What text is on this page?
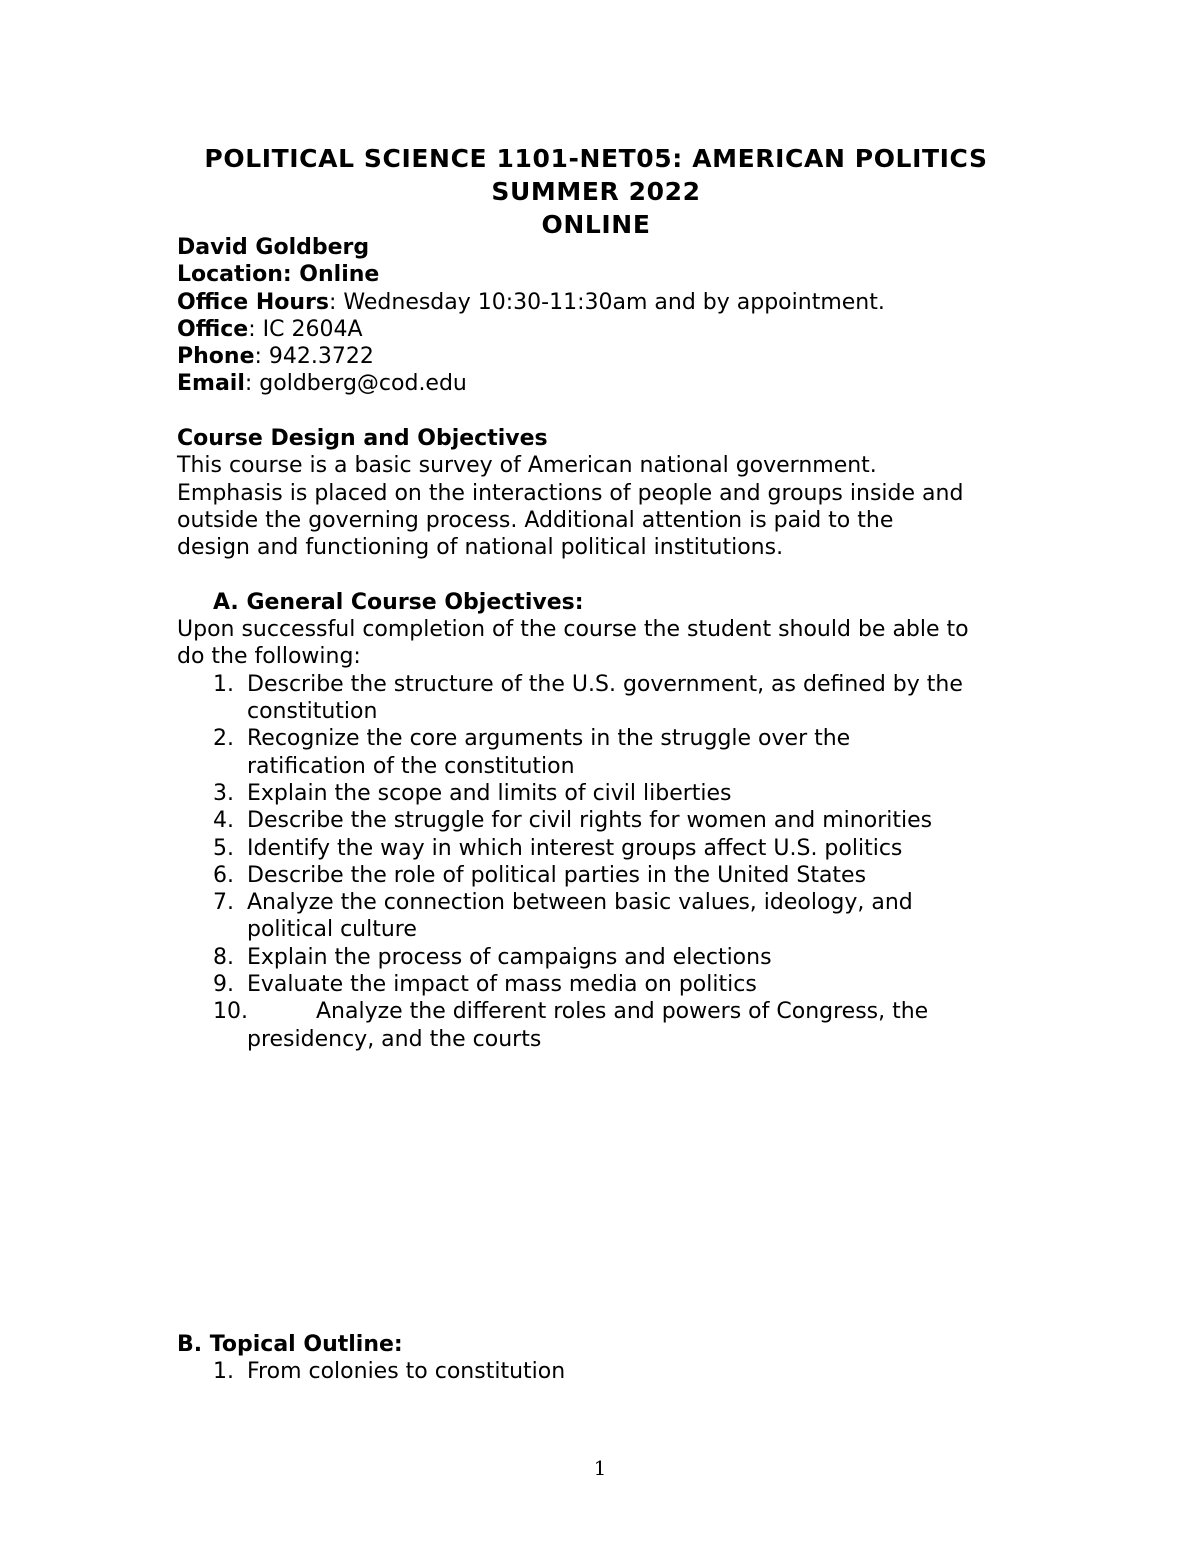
POLITICAL SCIENCE 1101-NET05: AMERICAN POLITICS
SUMMER 2022
ONLINE
David Goldberg
Location: Online
Office Hours: Wednesday 10:30-11:30am and by appointment.
Office: IC 2604A
Phone: 942.3722
Email: goldberg@cod.edu
Course Design and Objectives
This course is a basic survey of American national government.
Emphasis is placed on the interactions of people and groups inside and
outside the governing process. Additional attention is paid to the
design and functioning of national political institutions.
A. General Course Objectives:
Upon successful completion of the course the student should be able to
do the following:
1. Describe the structure of the U.S. government, as defined by the
constitution
2. Recognize the core arguments in the struggle over the
ratification of the constitution
3. Explain the scope and limits of civil liberties
4. Describe the struggle for civil rights for women and minorities
5. Identify the way in which interest groups affect U.S. politics
6. Describe the role of political parties in the United States
7. Analyze the connection between basic values, ideology, and
political culture
8. Explain the process of campaigns and elections
9. Evaluate the impact of mass media on politics
10.	Analyze the different roles and powers of Congress, the
presidency, and the courts
B. Topical Outline:
1. From colonies to constitution
1
